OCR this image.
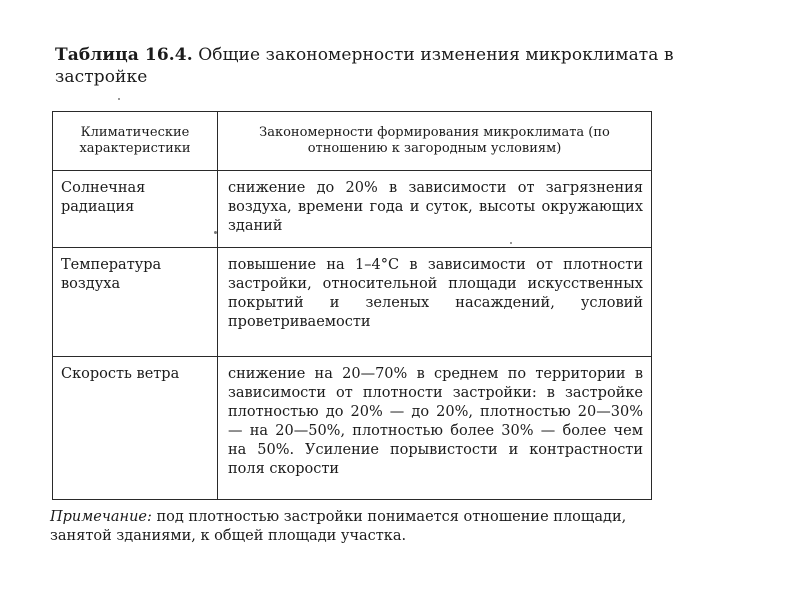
Таблица 16.4. Общие закономерности изменения микроклимата в застройке
Климатические характеристики	Закономерности формирования микроклимата (по отношению к загородным условиям)
Солнечная радиация	снижение до 20% в зависимости от загрязнения воздуха, времени года и суток, высоты окружающих зданий
Температура воздуха	повышение на 1–4°C в зависимости от плотности застройки, относительной площади искусственных покрытий и зеленых насаждений, условий проветриваемости
Скорость ветра	снижение на 20—70% в среднем по территории в зависимости от плотности застройки: в застройке плотностью до 20% — до 20%, плотностью 20—30% — на 20—50%, плотностью более 30% — более чем на 50%. Усиление порывистости и контрастности поля скорости
Примечание: под плотностью застройки понимается отношение площади, занятой зданиями, к общей площади участка.
